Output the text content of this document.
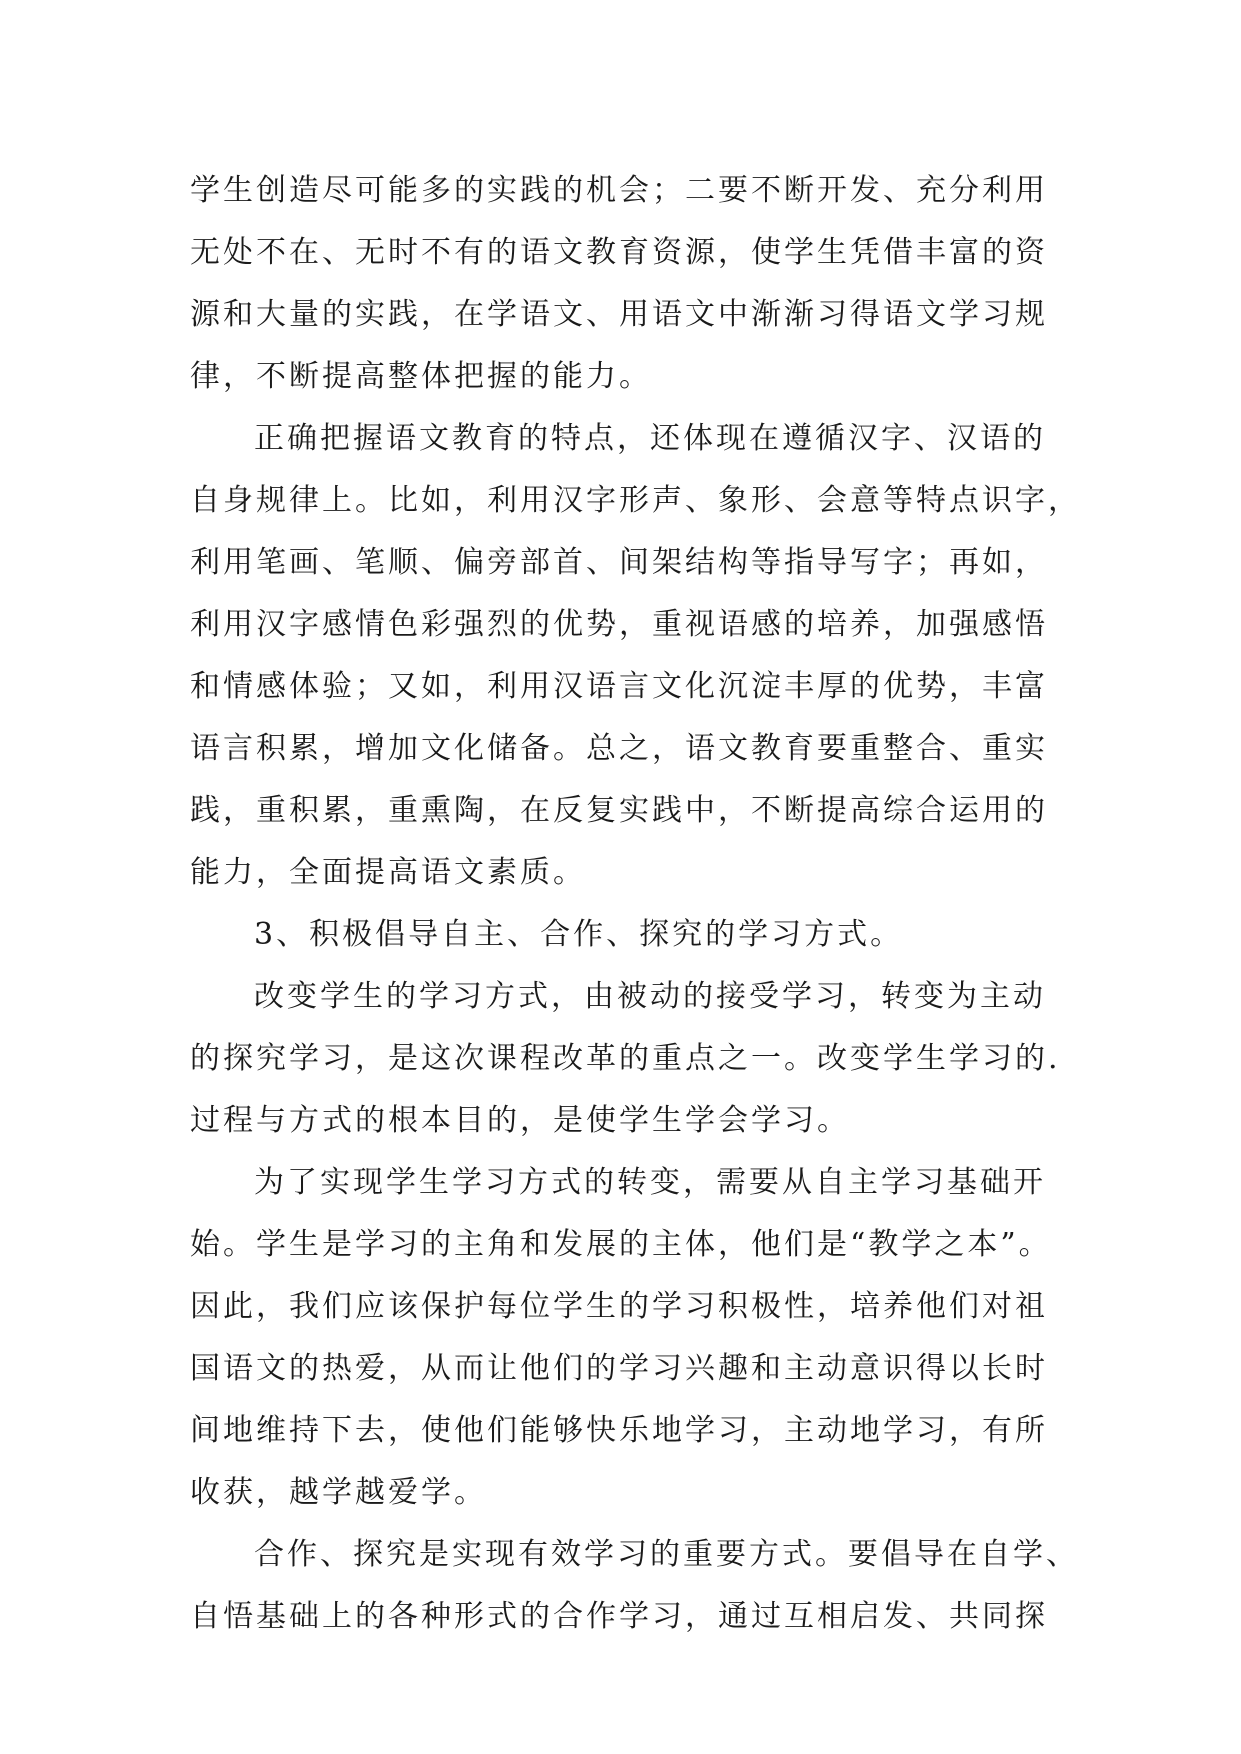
学生创造尽可能多的实践的机会；二要不断开发、充分利用
无处不在、无时不有的语文教育资源，使学生凭借丰富的资
源和大量的实践，在学语文、用语文中渐渐习得语文学习规
律，不断提高整体把握的能力。
正确把握语文教育的特点，还体现在遵循汉字、汉语的
自身规律上。比如，利用汉字形声、象形、会意等特点识字，
利用笔画、笔顺、偏旁部首、间架结构等指导写字；再如，
利用汉字感情色彩强烈的优势，重视语感的培养，加强感悟
和情感体验；又如，利用汉语言文化沉淀丰厚的优势，丰富
语言积累，增加文化储备。总之，语文教育要重整合、重实
践，重积累，重熏陶，在反复实践中，不断提高综合运用的
能力，全面提高语文素质。
3、积极倡导自主、合作、探究的学习方式。
改变学生的学习方式，由被动的接受学习，转变为主动
的探究学习，是这次课程改革的重点之一。改变学生学习的.
过程与方式的根本目的，是使学生学会学习。
为了实现学生学习方式的转变，需要从自主学习基础开
始。学生是学习的主角和发展的主体，他们是“教学之本”。
因此，我们应该保护每位学生的学习积极性，培养他们对祖
国语文的热爱，从而让他们的学习兴趣和主动意识得以长时
间地维持下去，使他们能够快乐地学习，主动地学习，有所
收获，越学越爱学。
合作、探究是实现有效学习的重要方式。要倡导在自学、
自悟基础上的各种形式的合作学习，通过互相启发、共同探
